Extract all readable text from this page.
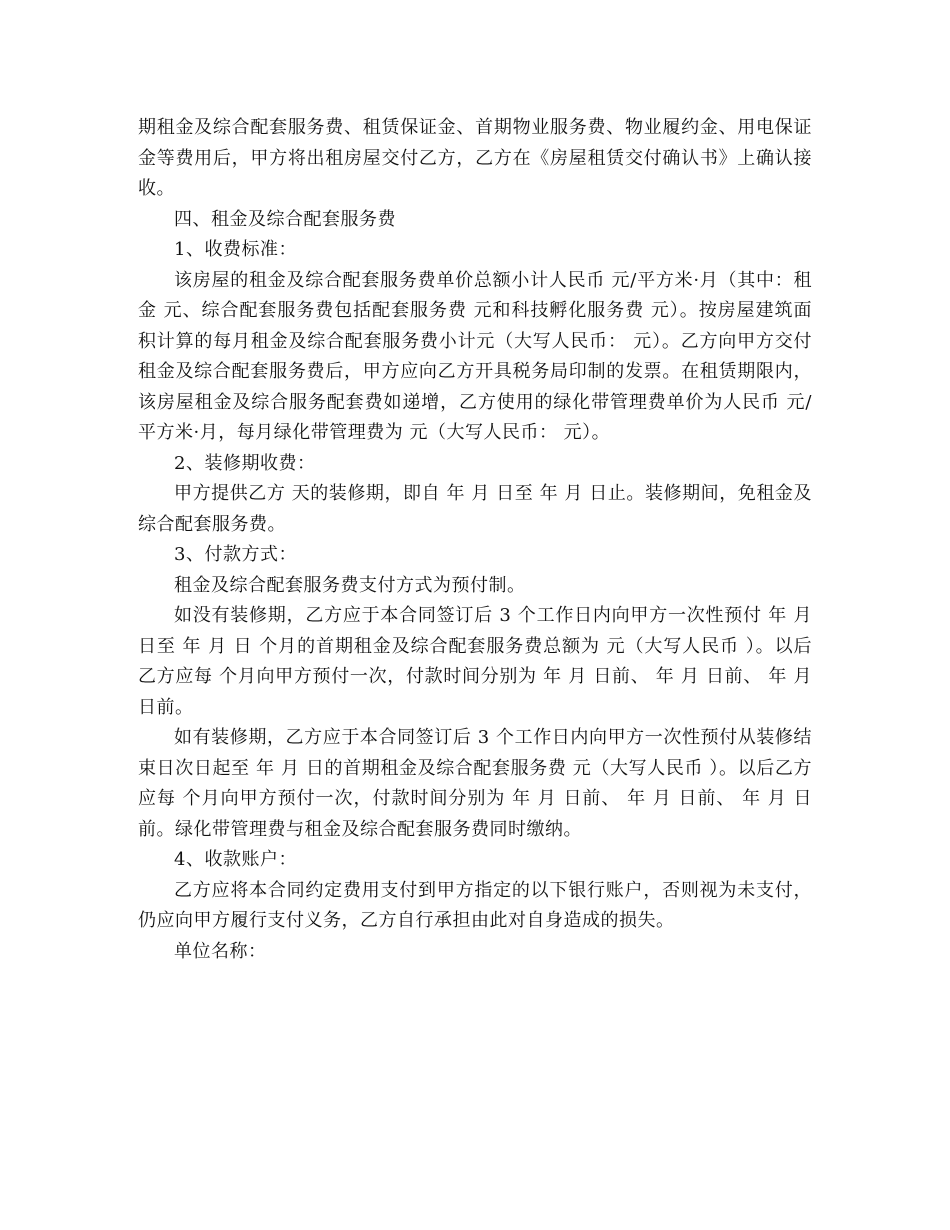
期租金及综合配套服务费、租赁保证金、首期物业服务费、物业履约金、用电保证金等费用后，甲方将出租房屋交付乙方，乙方在《房屋租赁交付确认书》上确认接收。

四、租金及综合配套服务费

1、收费标准：

该房屋的租金及综合配套服务费单价总额小计人民币 元/平方米·月（其中：租金 元、综合配套服务费包括配套服务费 元和科技孵化服务费 元）。按房屋建筑面积计算的每月租金及综合配套服务费小计元（大写人民币： 元）。乙方向甲方交付租金及综合配套服务费后，甲方应向乙方开具税务局印制的发票。在租赁期限内，该房屋租金及综合服务配套费如递增，乙方使用的绿化带管理费单价为人民币 元/平方米·月，每月绿化带管理费为 元（大写人民币： 元）。

2、装修期收费：

甲方提供乙方 天的装修期，即自 年 月 日至 年 月 日止。装修期间，免租金及综合配套服务费。

3、付款方式：

租金及综合配套服务费支付方式为预付制。

如没有装修期，乙方应于本合同签订后 3 个工作日内向甲方一次性预付 年 月 日至 年 月 日 个月的首期租金及综合配套服务费总额为 元（大写人民币 ）。以后乙方应每 个月向甲方预付一次，付款时间分别为 年 月 日前、 年 月 日前、 年 月 日前。

如有装修期，乙方应于本合同签订后 3 个工作日内向甲方一次性预付从装修结束日次日起至 年 月 日的首期租金及综合配套服务费 元（大写人民币 ）。以后乙方应每 个月向甲方预付一次，付款时间分别为 年 月 日前、 年 月 日前、 年 月 日前。绿化带管理费与租金及综合配套服务费同时缴纳。

4、收款账户：

乙方应将本合同约定费用支付到甲方指定的以下银行账户，否则视为未支付，仍应向甲方履行支付义务，乙方自行承担由此对自身造成的损失。

单位名称：
